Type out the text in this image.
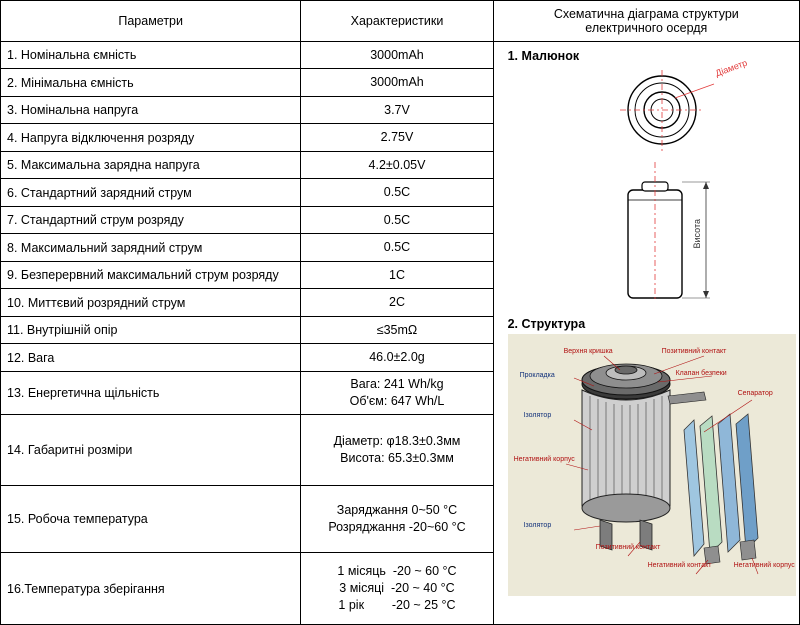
Параметри	Характеристики	Схематична діаграма структури
електричного осердя
1. Номінальна ємність	3000mAh	1. Малюнок
Діаметр
Висота
2. Структура
Верхня кришка	Позитивний контакт
Клапан безпеки
Прокладка
Сепаратор
Ізолятор
Негативний корпус
Ізолятор
Позитивний контакт
Негативний контакт	Негативний корпус

2. Мінімальна ємність	3000mAh	
3. Номінальна напруга	3.7V	
4. Напруга відключення розряду	2.75V	
5. Максимальна зарядна напруга	4.2±0.05V	
6. Стандартний зарядний струм	0.5C	
7. Стандартний струм розряду	0.5C	
8. Максимальний зарядний струм	0.5C	
9. Безперервний максимальний струм розряду	1C	
10. Миттєвий розрядний струм	2C	
11. Внутрішній опір	≤35mΩ	
12. Вага	46.0±2.0g	
13. Енергетична щільність	Вага: 241 Wh/kg
Об'єм: 647 Wh/L	

14. Габаритні розміри	Діаметр: φ18.3±0.3мм
Висота: 65.3±0.3мм	

15. Робоча температура	Заряджання 0~50 °C
Розряджання -20~60 °C	

16.Температура зберігання	1 місяць  -20 ~ 60 °C
3 місяці  -20 ~ 40 °C
1 рік        -20 ~ 25 °C	
